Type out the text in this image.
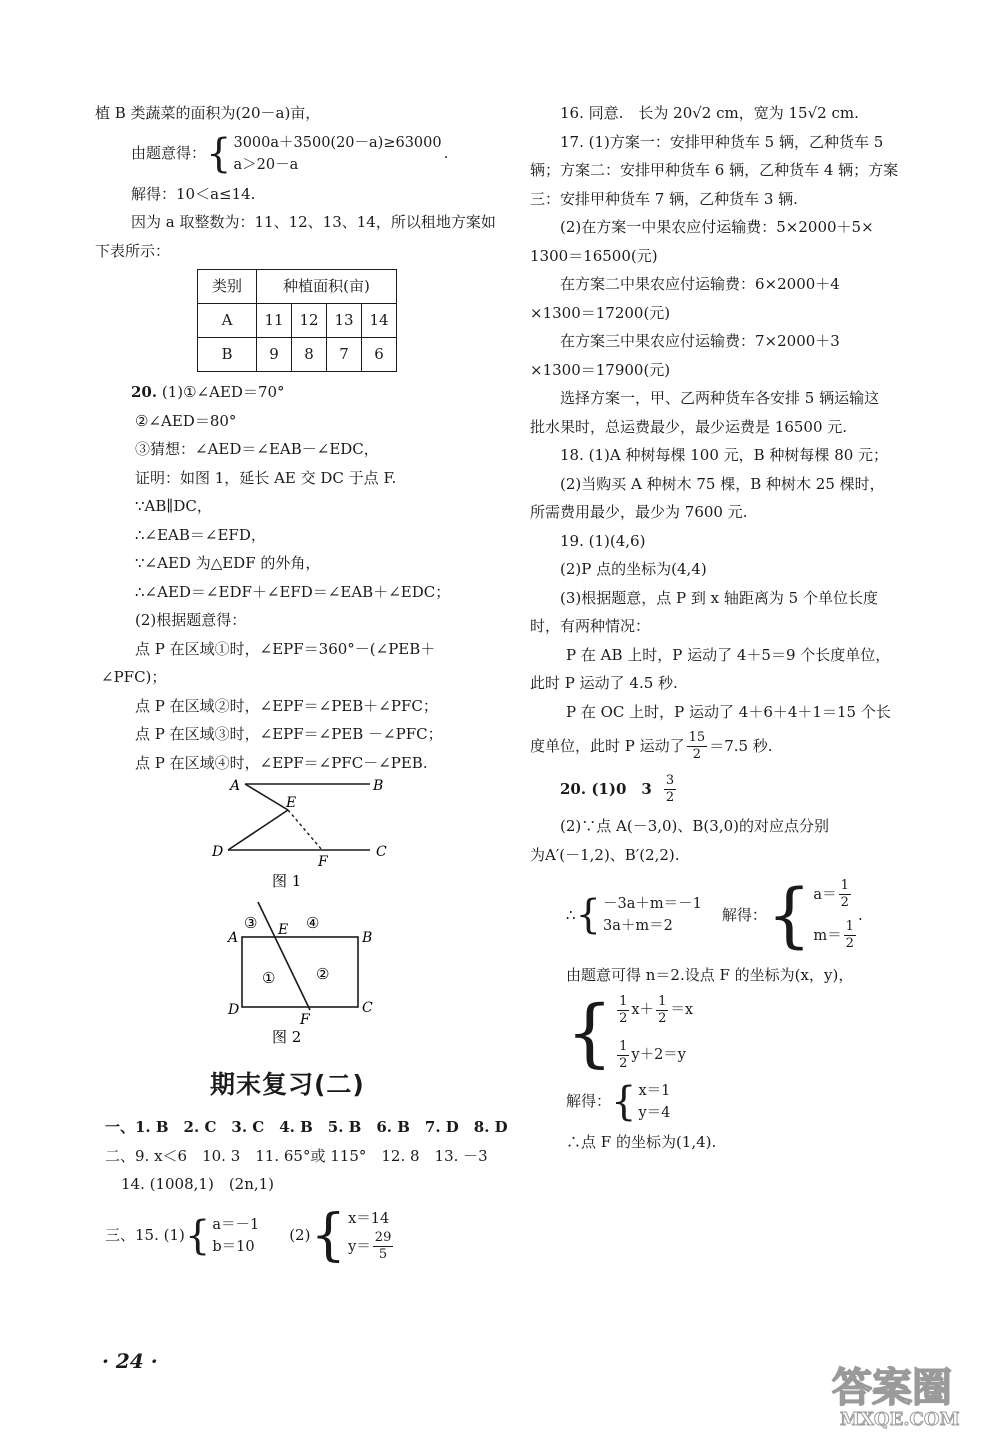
植 B 类蔬菜的面积为(20－a)亩，
由题意得： { 3000a＋3500(20－a)≥63000
a＞20－a
.
解得：10＜a≤14.
因为 a 取整数为：11、12、13、14，所以租地方案如
下表所示：
类别	种植面积(亩)			
A	11	12	13	14
B	9	8	7	6
20. (1)①∠AED＝70°
②∠AED＝80°
③猜想：∠AED＝∠EAB－∠EDC，
证明：如图 1，延长 AE 交 DC 于点 F.
∵AB∥DC，
∴∠EAB＝∠EFD，
∵∠AED 为△EDF 的外角，
∴∠AED＝∠EDF＋∠EFD＝∠EAB＋∠EDC；
(2)根据题意得：
点 P 在区域①时，∠EPF＝360°－(∠PEB＋
∠PFC)；
点 P 在区域②时，∠EPF＝∠PEB＋∠PFC；
点 P 在区域③时，∠EPF＝∠PEB －∠PFC；
点 P 在区域④时，∠EPF＝∠PFC－∠PEB.
A	B
E
D
F
C
图 1
③ E ④
A	B
①	②
D
F
C
图 2
期末复习(二)
一、1. B　2. C　3. C　4. B　5. B　6. B　7. D　8. D
二、9. x＜6　10. 3　11. 65°或 115°　12. 8　13. －3
14. (1008,1)　(2n,1)
三、15. (1) { a＝－1
b＝10
(2) { x＝14
$y= \frac{29}{5}$
16. 同意.　长为 20√2 cm，宽为 15√2 cm.
17. (1)方案一：安排甲种货车 5 辆，乙种货车 5
辆；方案二：安排甲种货车 6 辆，乙种货车 4 辆；方案
三：安排甲种货车 7 辆，乙种货车 3 辆.
(2)在方案一中果农应付运输费：5×2000＋5×
1300＝16500(元)
在方案二中果农应付运输费：6×2000＋4
×1300＝17200(元)
在方案三中果农应付运输费：7×2000＋3
×1300＝17900(元)
选择方案一，甲、乙两种货车各安排 5 辆运输这
批水果时，总运费最少，最少运费是 16500 元.
18. (1)A 种树每棵 100 元，B 种树每棵 80 元；
(2)当购买 A 种树木 75 棵，B 种树木 25 棵时，
所需费用最少，最少为 7600 元.
19. (1)(4,6)
(2)P 点的坐标为(4,4)
(3)根据题意，点 P 到 x 轴距离为 5 个单位长度
时，有两种情况：
P 在 AB 上时，P 运动了 4＋5＝9 个长度单位，
此时 P 运动了 4.5 秒.
P 在 OC 上时，P 运动了 4＋6＋4＋1＝15 个长
度单位，此时 P 运动了 $\frac{15}{2} =7.5$ 秒.
20. (1)0　$3 \frac{3}{2}$
(2)∵点 A(－3,0)、B(3,0)的对应点分别
为A′(－1,2)、B′(2,2).
∴ { －3a＋m＝－1
3a＋m＝2
解得： { $a= \frac{1}{2}$
$m= \frac{1}{2}$
.
由题意可得 n＝2.设点 F 的坐标为(x，y)，
{ $\frac{1}{2} x+ \frac{1}{2} =x$
$\frac{1}{2} y+2=y$
解得： { x＝1
y＝4
∴点 F 的坐标为(1,4).
· 24 ·
答案圈
MXQE.COM
